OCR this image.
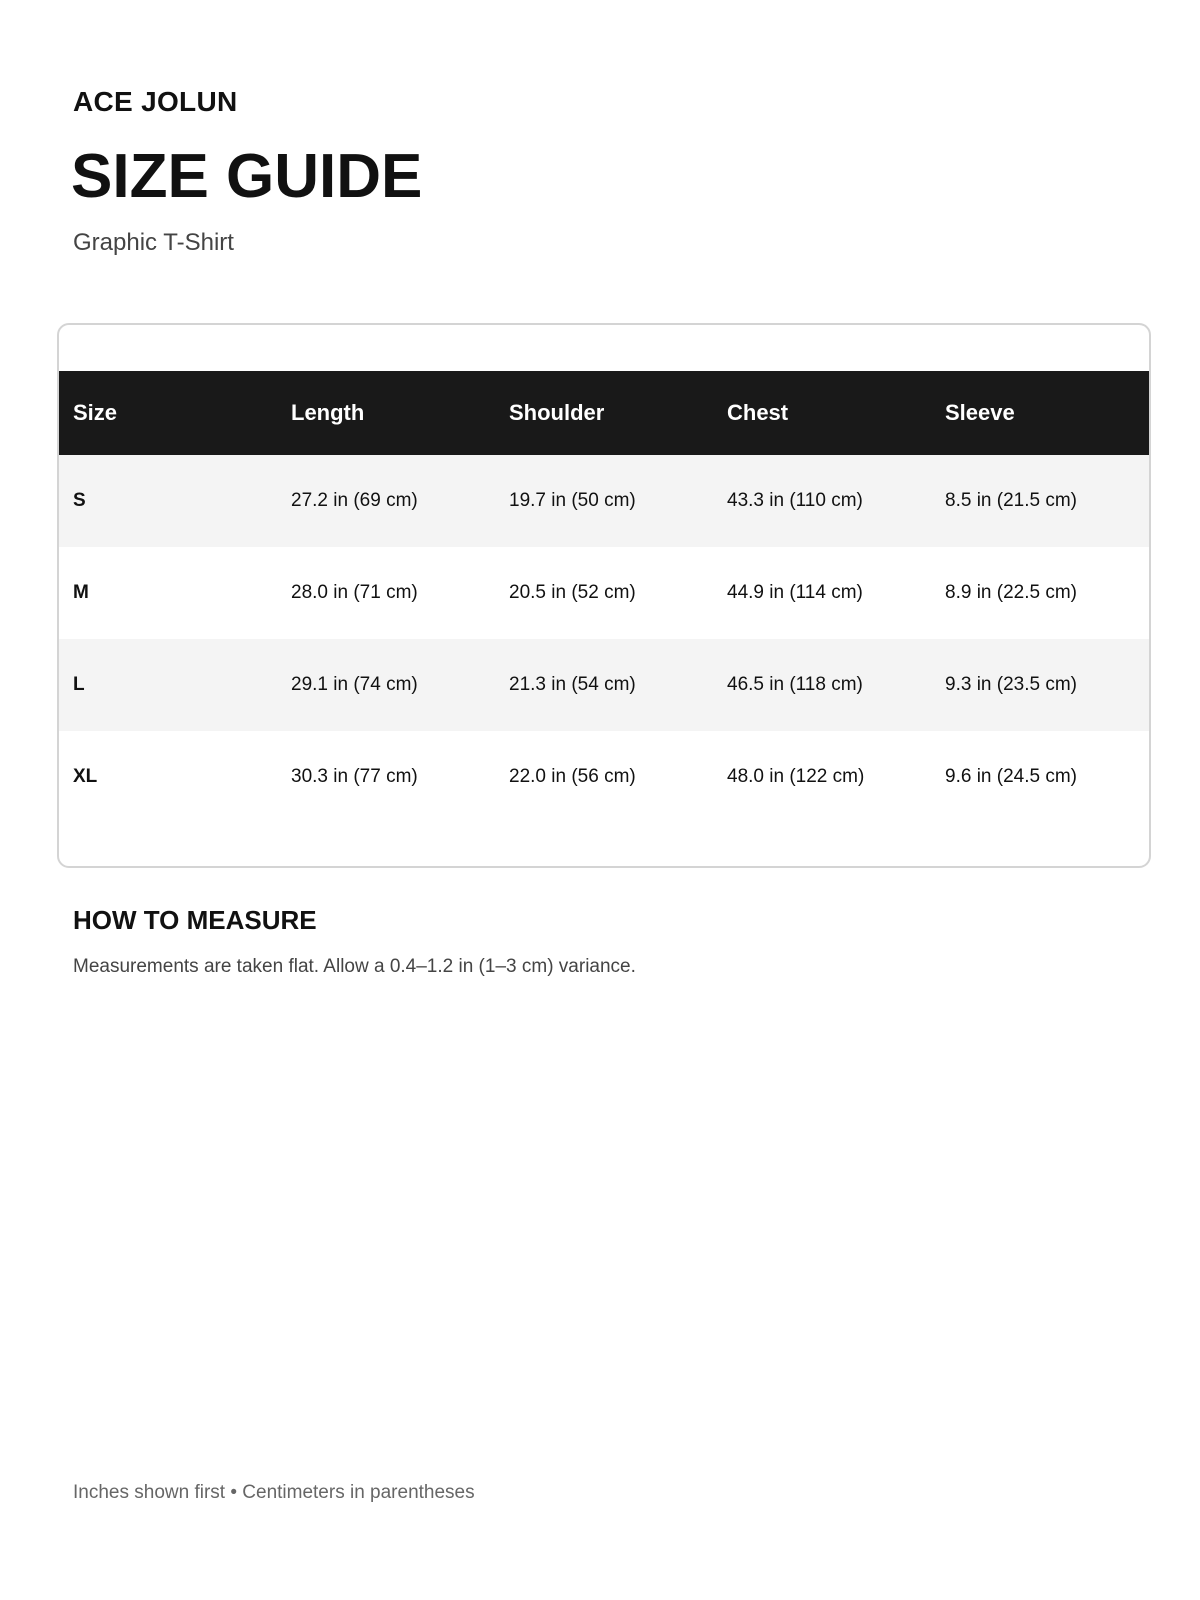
ACE JOLUN
SIZE GUIDE
Graphic T-Shirt
Size	Length	Shoulder	Chest	Sleeve
S	27.2 in (69 cm)	19.7 in (50 cm)	43.3 in (110 cm)	8.5 in (21.5 cm)
M	28.0 in (71 cm)	20.5 in (52 cm)	44.9 in (114 cm)	8.9 in (22.5 cm)
L	29.1 in (74 cm)	21.3 in (54 cm)	46.5 in (118 cm)	9.3 in (23.5 cm)
XL	30.3 in (77 cm)	22.0 in (56 cm)	48.0 in (122 cm)	9.6 in (24.5 cm)
HOW TO MEASURE
Measurements are taken flat. Allow a 0.4–1.2 in (1–3 cm) variance.
Inches shown first • Centimeters in parentheses
